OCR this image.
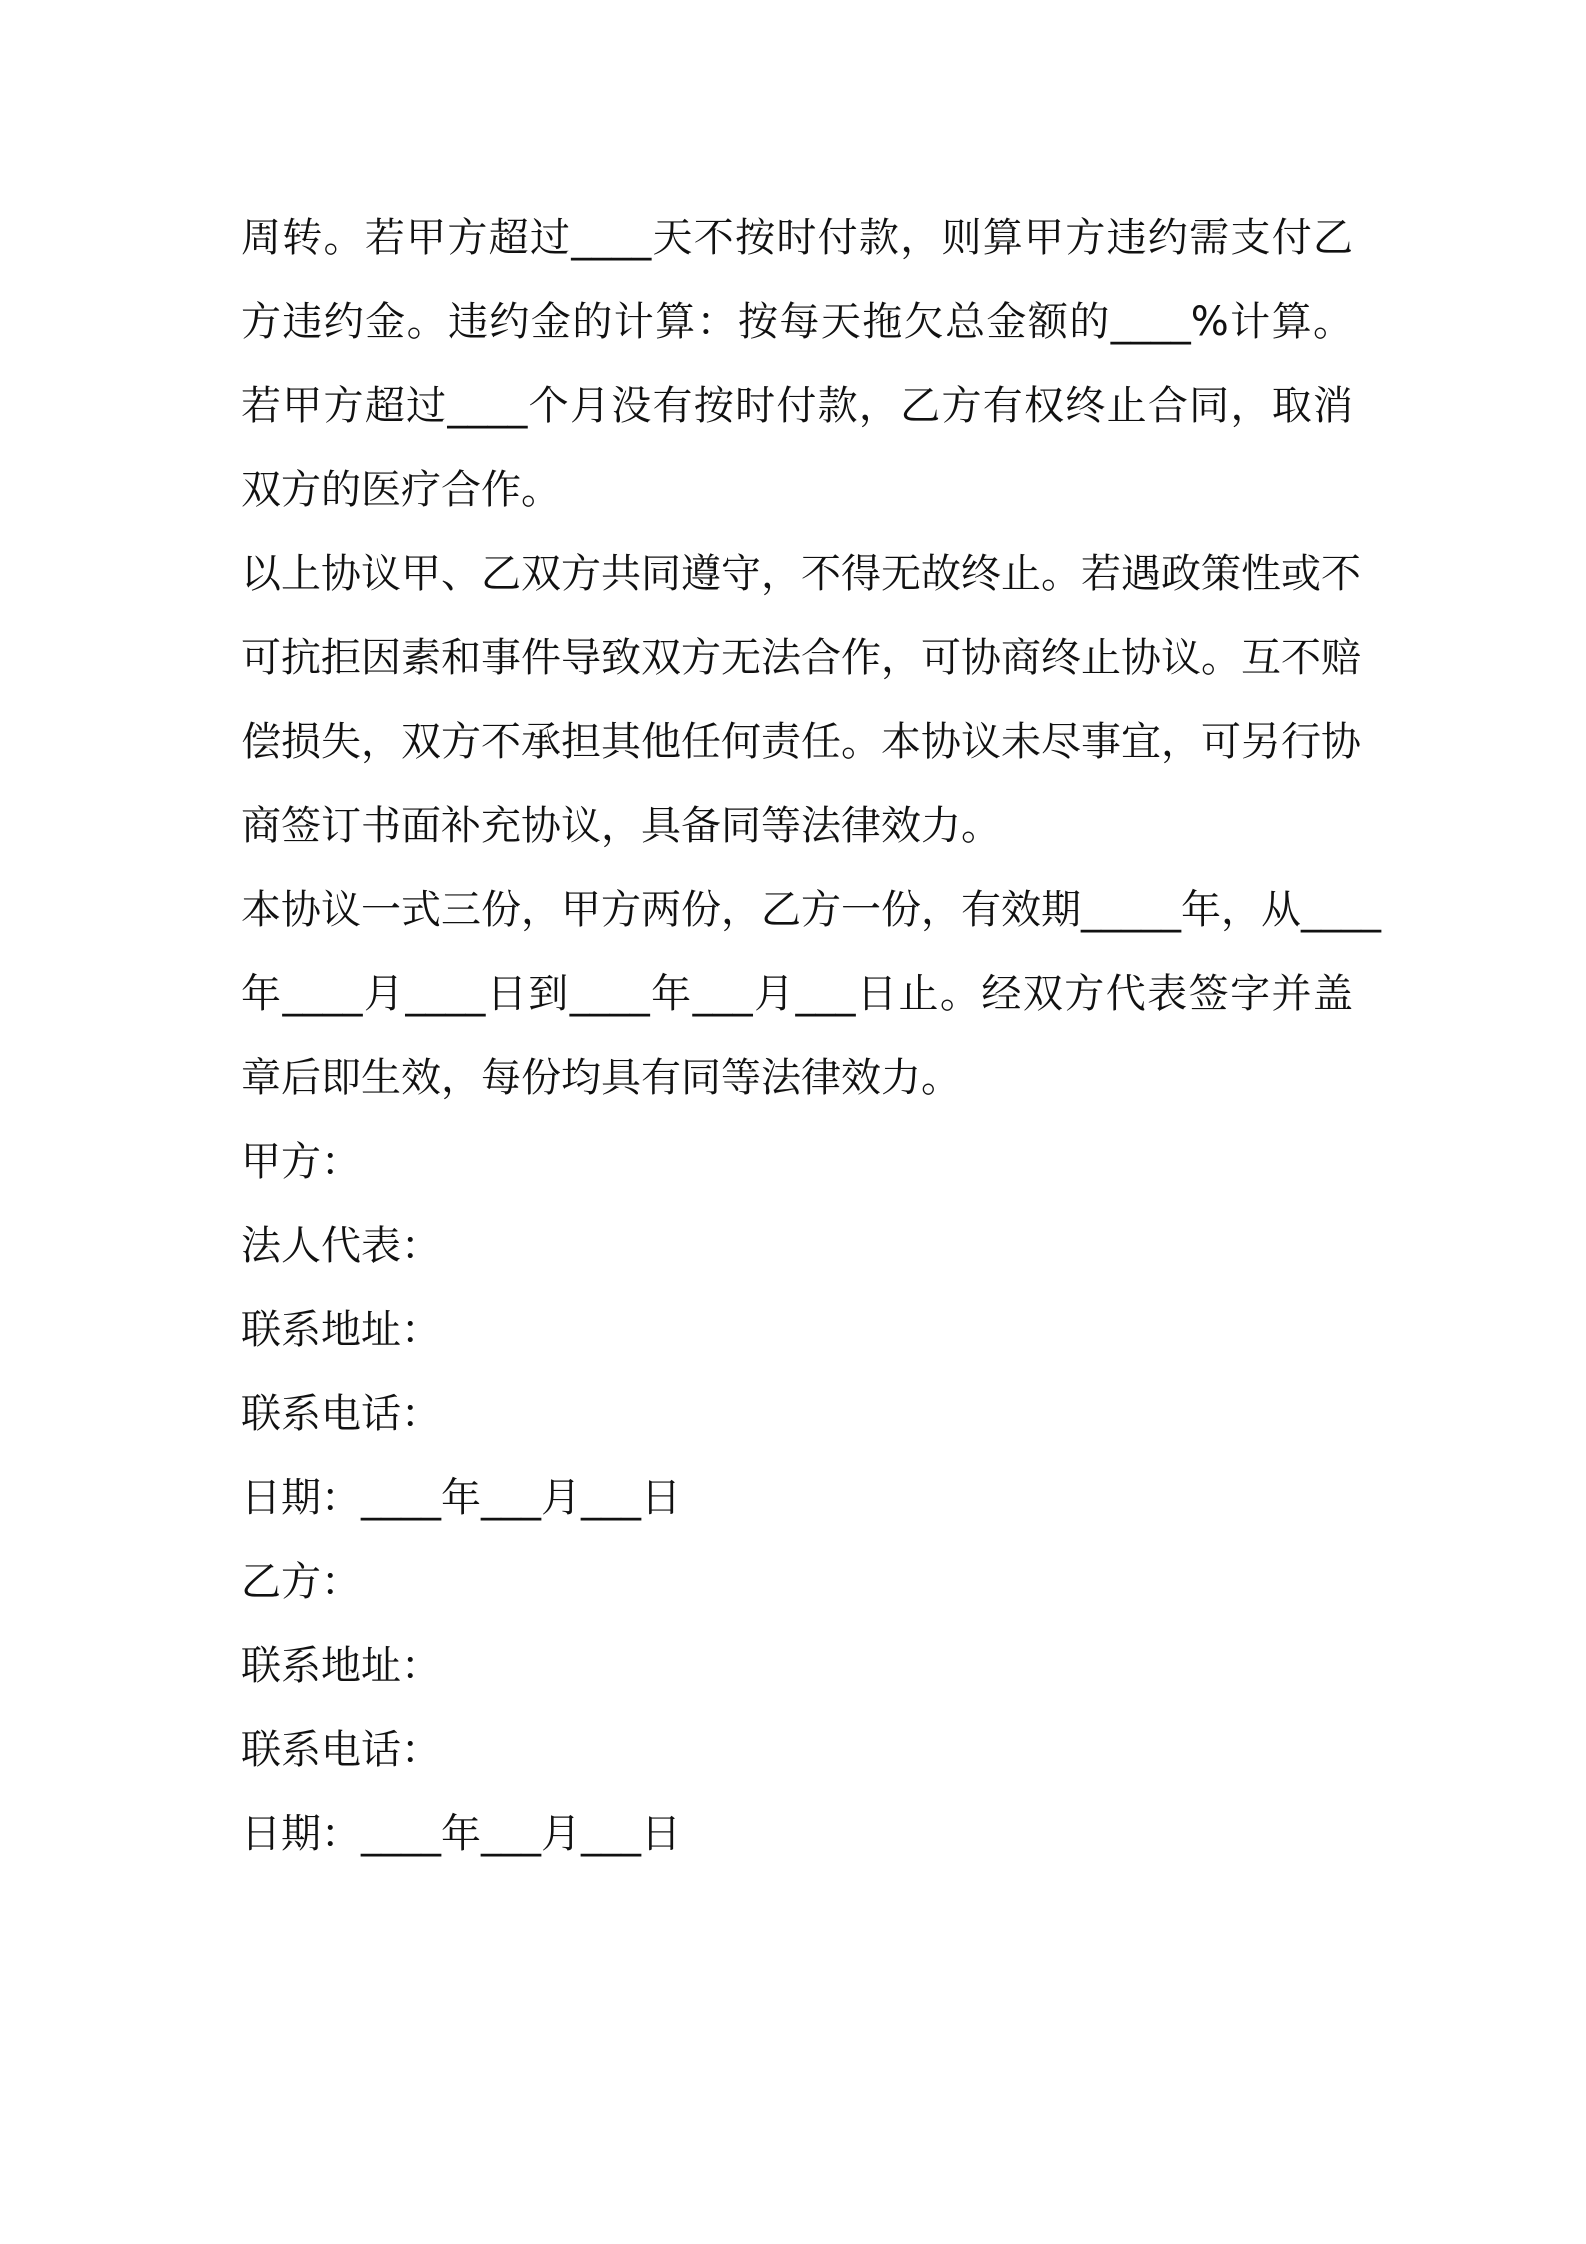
周转。若甲方超过____天不按时付款，则算甲方违约需支付乙
方违约金。违约金的计算：按每天拖欠总金额的____%计算。
若甲方超过____个月没有按时付款，乙方有权终止合同，取消
双方的医疗合作。
以上协议甲、乙双方共同遵守，不得无故终止。若遇政策性或不
可抗拒因素和事件导致双方无法合作，可协商终止协议。互不赔
偿损失，双方不承担其他任何责任。本协议未尽事宜，可另行协
商签订书面补充协议，具备同等法律效力。
本协议一式三份，甲方两份，乙方一份，有效期_____年，从____
年____月____日到____年___月___日止。经双方代表签字并盖
章后即生效，每份均具有同等法律效力。
甲方：
法人代表：
联系地址：
联系电话：
日期：____年___月___日
乙方：
联系地址：
联系电话：
日期：____年___月___日
